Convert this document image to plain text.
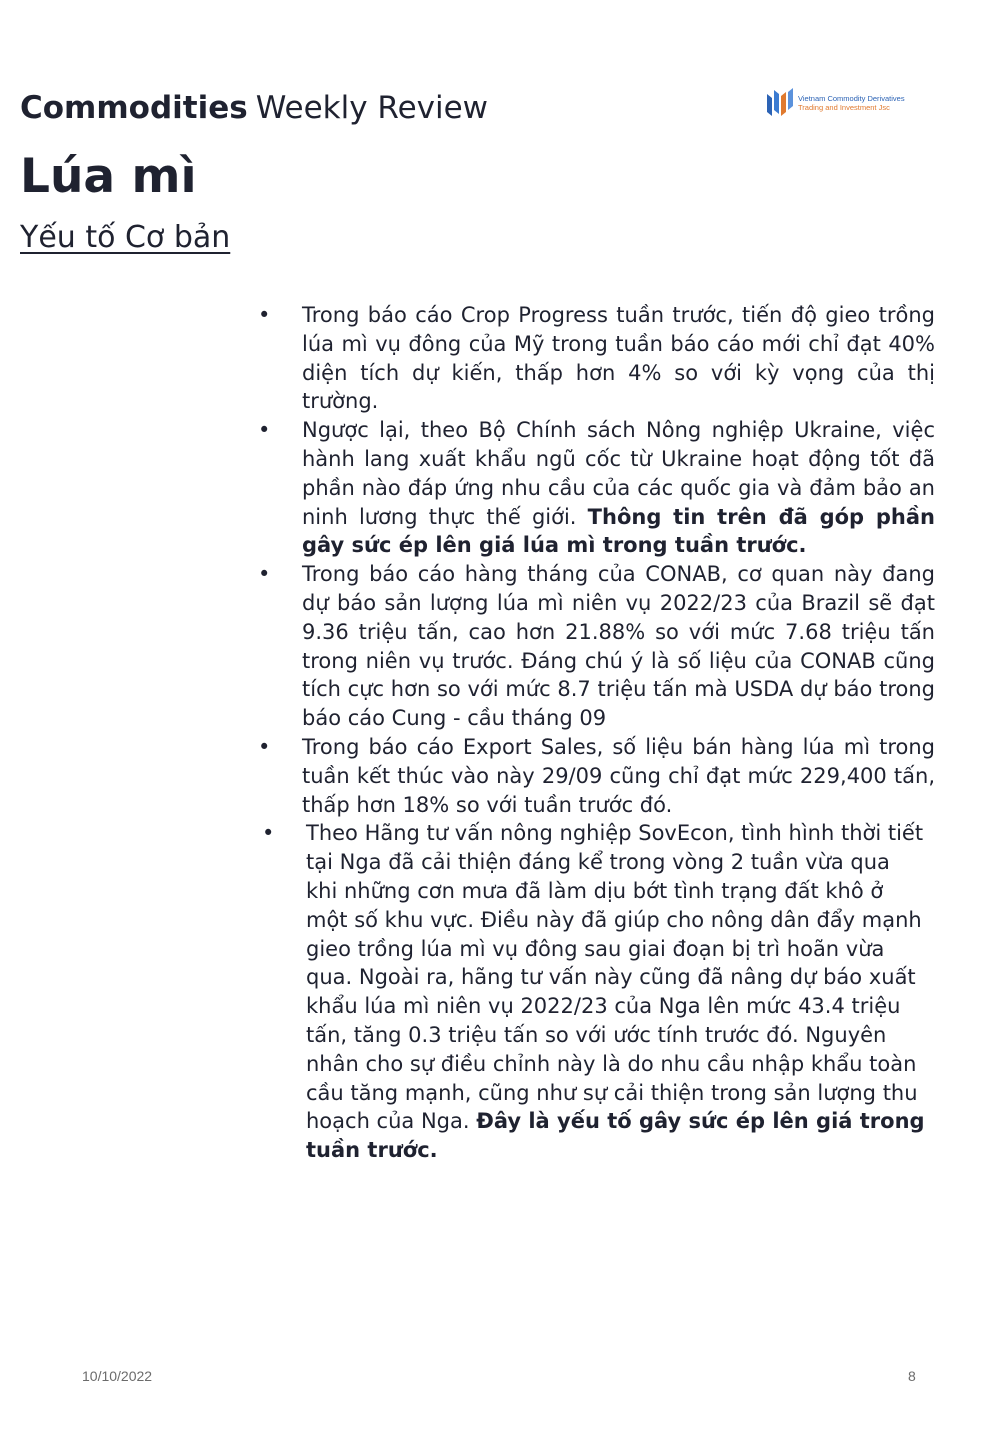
Commodities Weekly Review	Vietnam Commodity Derivatives
Trading and Investment Jsc
Lúa mì
Yếu tố Cơ bản
• Trong báo cáo Crop Progress tuần trước, tiến độ gieo trồng lúa mì vụ đông của Mỹ trong tuần báo cáo mới chỉ đạt 40% diện tích dự kiến, thấp hơn 4% so với kỳ vọng của thị trường.
• Ngược lại, theo Bộ Chính sách Nông nghiệp Ukraine, việc hành lang xuất khẩu ngũ cốc từ Ukraine hoạt động tốt đã phần nào đáp ứng nhu cầu của các quốc gia và đảm bảo an ninh lương thực thế giới. Thông tin trên đã góp phần gây sức ép lên giá lúa mì trong tuần trước.
• Trong báo cáo hàng tháng của CONAB, cơ quan này đang dự báo sản lượng lúa mì niên vụ 2022/23 của Brazil sẽ đạt 9.36 triệu tấn, cao hơn 21.88% so với mức 7.68 triệu tấn trong niên vụ trước. Đáng chú ý là số liệu của CONAB cũng tích cực hơn so với mức 8.7 triệu tấn mà USDA dự báo trong báo cáo Cung - cầu tháng 09
• Trong báo cáo Export Sales, số liệu bán hàng lúa mì trong tuần kết thúc vào này 29/09 cũng chỉ đạt mức 229,400 tấn, thấp hơn 18% so với tuần trước đó.
• Theo Hãng tư vấn nông nghiệp SovEcon, tình hình thời tiết tại Nga đã cải thiện đáng kể trong vòng 2 tuần vừa qua khi những cơn mưa đã làm dịu bớt tình trạng đất khô ở một số khu vực. Điều này đã giúp cho nông dân đẩy mạnh gieo trồng lúa mì vụ đông sau giai đoạn bị trì hoãn vừa qua. Ngoài ra, hãng tư vấn này cũng đã nâng dự báo xuất khẩu lúa mì niên vụ 2022/23 của Nga lên mức 43.4 triệu tấn, tăng 0.3 triệu tấn so với ước tính trước đó. Nguyên nhân cho sự điều chỉnh này là do nhu cầu nhập khẩu toàn cầu tăng mạnh, cũng như sự cải thiện trong sản lượng thu hoạch của Nga. Đây là yếu tố gây sức ép lên giá trong tuần trước.
10/10/2022	8
